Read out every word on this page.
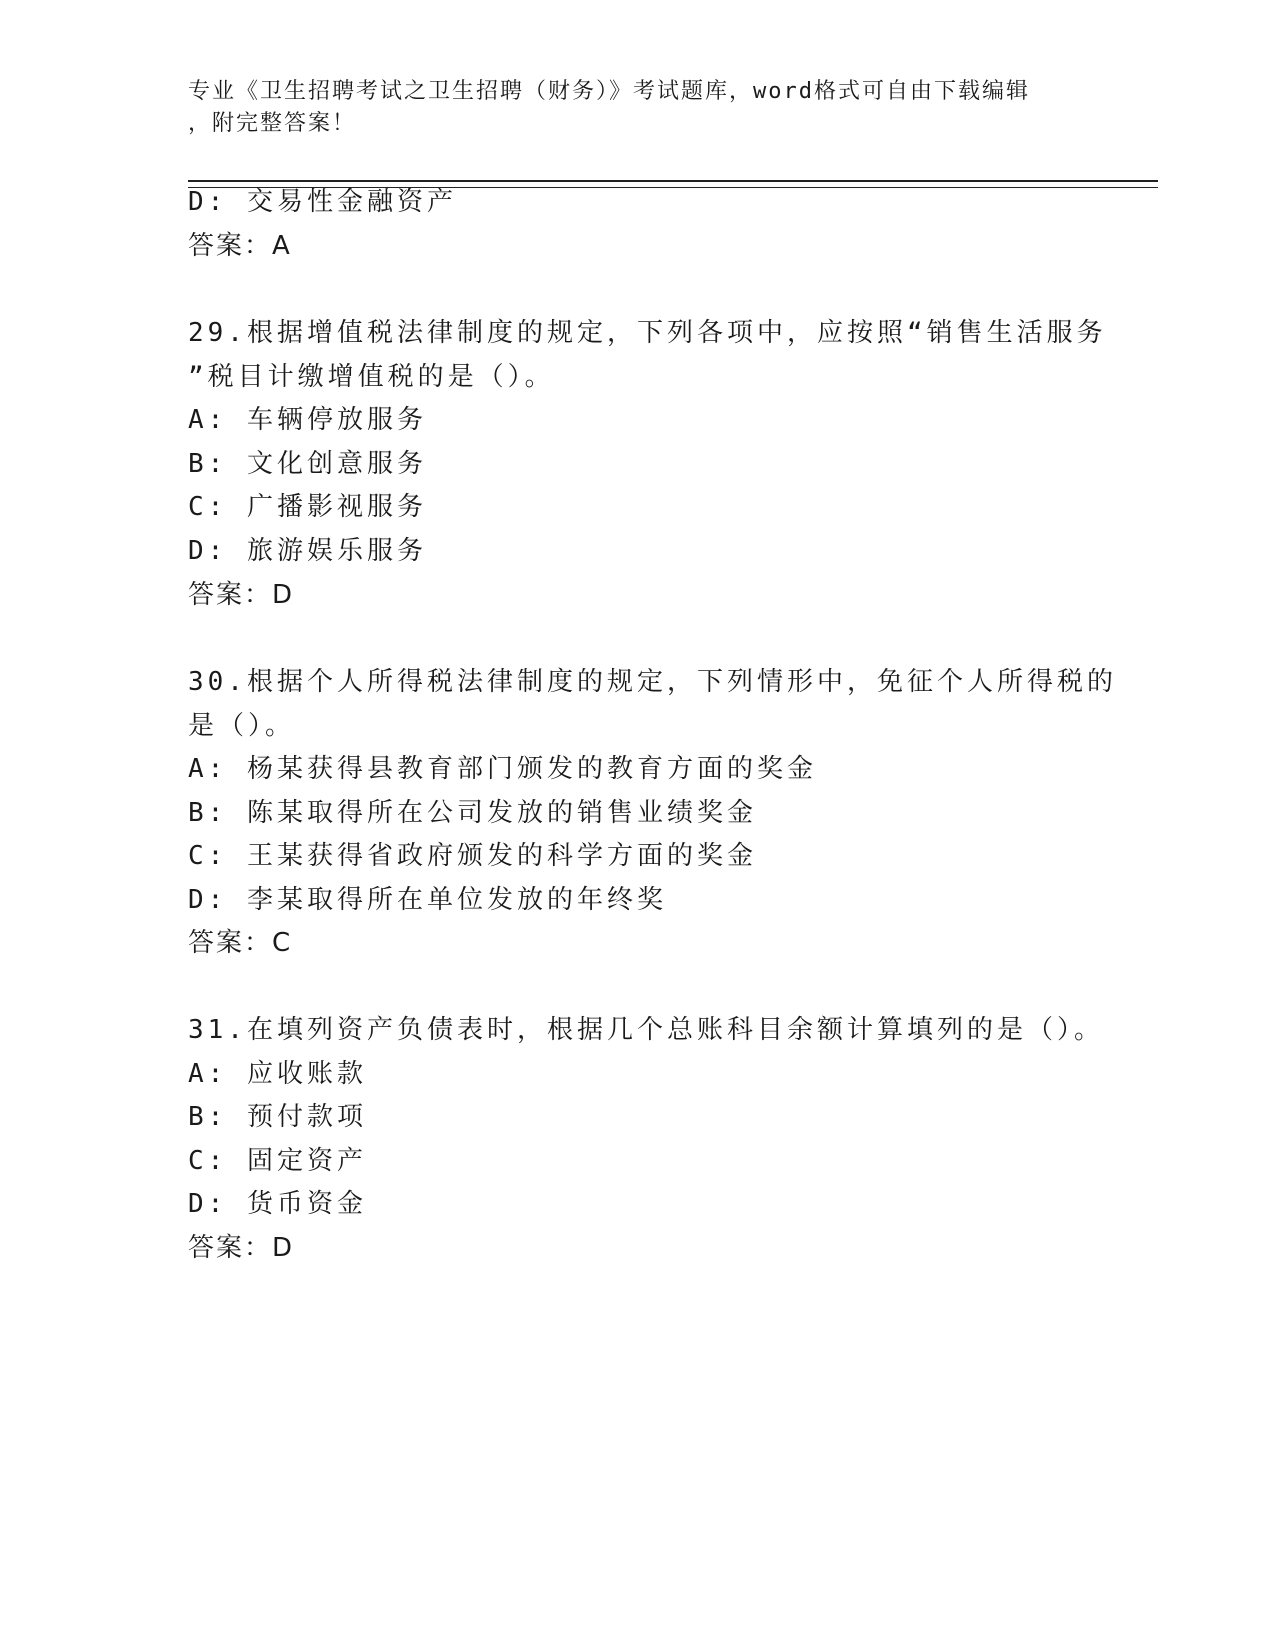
专业《卫生招聘考试之卫生招聘（财务）》考试题库，word格式可自由下载编辑
，附完整答案！
D: 交易性金融资产
答案：A
29.根据增值税法律制度的规定，下列各项中，应按照“销售生活服务
”税目计缴增值税的是（）。
A: 车辆停放服务
B: 文化创意服务
C: 广播影视服务
D: 旅游娱乐服务
答案：D
30.根据个人所得税法律制度的规定，下列情形中，免征个人所得税的
是（）。
A: 杨某获得县教育部门颁发的教育方面的奖金
B: 陈某取得所在公司发放的销售业绩奖金
C: 王某获得省政府颁发的科学方面的奖金
D: 李某取得所在单位发放的年终奖
答案：C
31.在填列资产负债表时，根据几个总账科目余额计算填列的是（）。
A: 应收账款
B: 预付款项
C: 固定资产
D: 货币资金
答案：D
